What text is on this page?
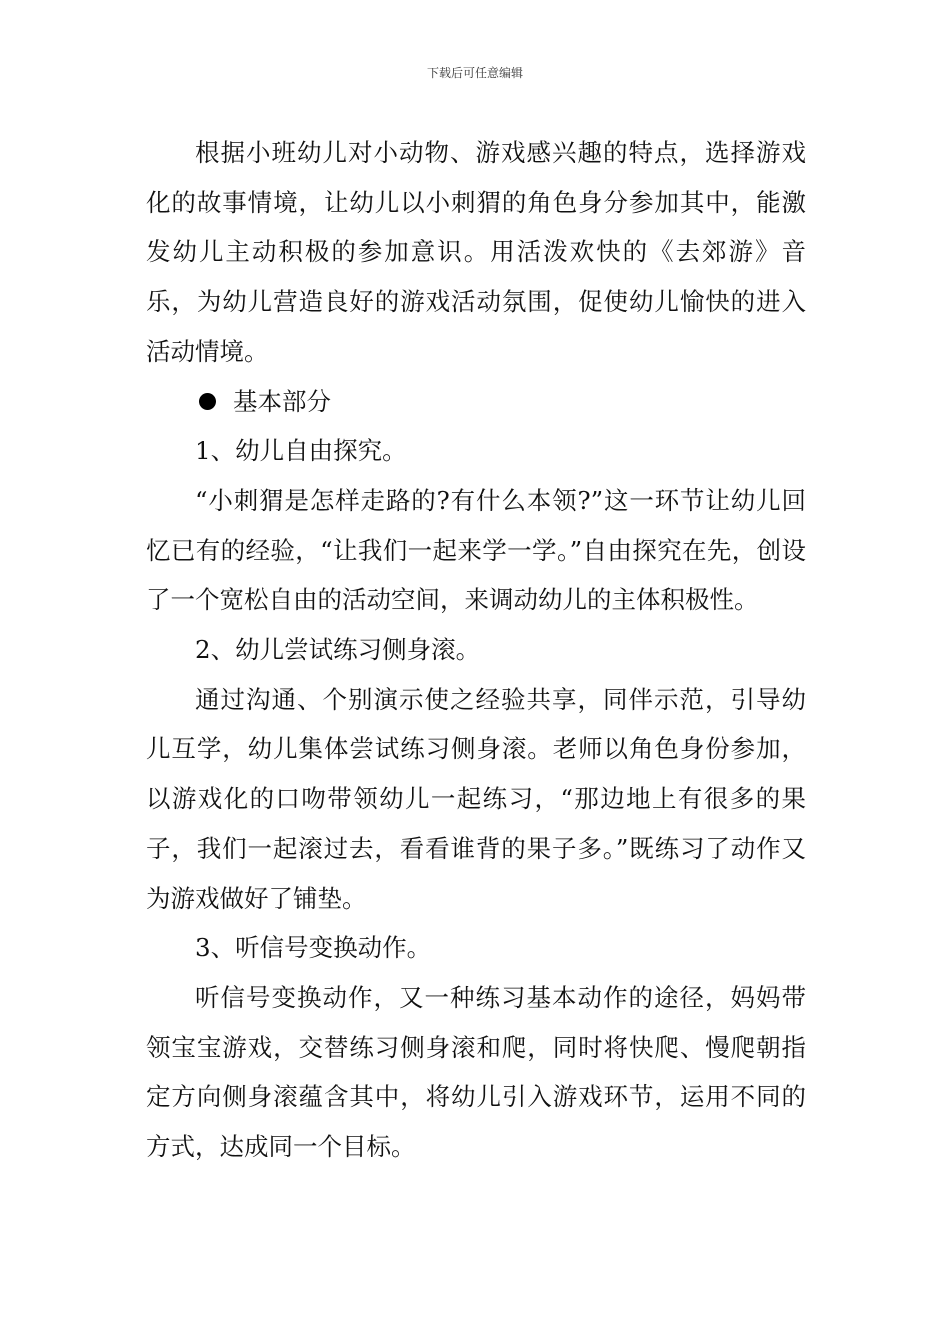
下载后可任意编辑

根据小班幼儿对小动物、游戏感兴趣的特点，选择游戏化的故事情境，让幼儿以小刺猬的角色身分参加其中，能激发幼儿主动积极的参加意识。用活泼欢快的《去郊游》音乐，为幼儿营造良好的游戏活动氛围，促使幼儿愉快的进入活动情境。

基本部分

1、幼儿自由探究。

“小刺猬是怎样走路的?有什么本领?”这一环节让幼儿回忆已有的经验，“让我们一起来学一学。”自由探究在先，创设了一个宽松自由的活动空间，来调动幼儿的主体积极性。

2、幼儿尝试练习侧身滚。

通过沟通、个别演示使之经验共享，同伴示范，引导幼儿互学，幼儿集体尝试练习侧身滚。老师以角色身份参加，以游戏化的口吻带领幼儿一起练习，“那边地上有很多的果子，我们一起滚过去，看看谁背的果子多。”既练习了动作又为游戏做好了铺垫。

3、听信号变换动作。

听信号变换动作，又一种练习基本动作的途径，妈妈带领宝宝游戏，交替练习侧身滚和爬，同时将快爬、慢爬朝指定方向侧身滚蕴含其中，将幼儿引入游戏环节，运用不同的方式，达成同一个目标。
